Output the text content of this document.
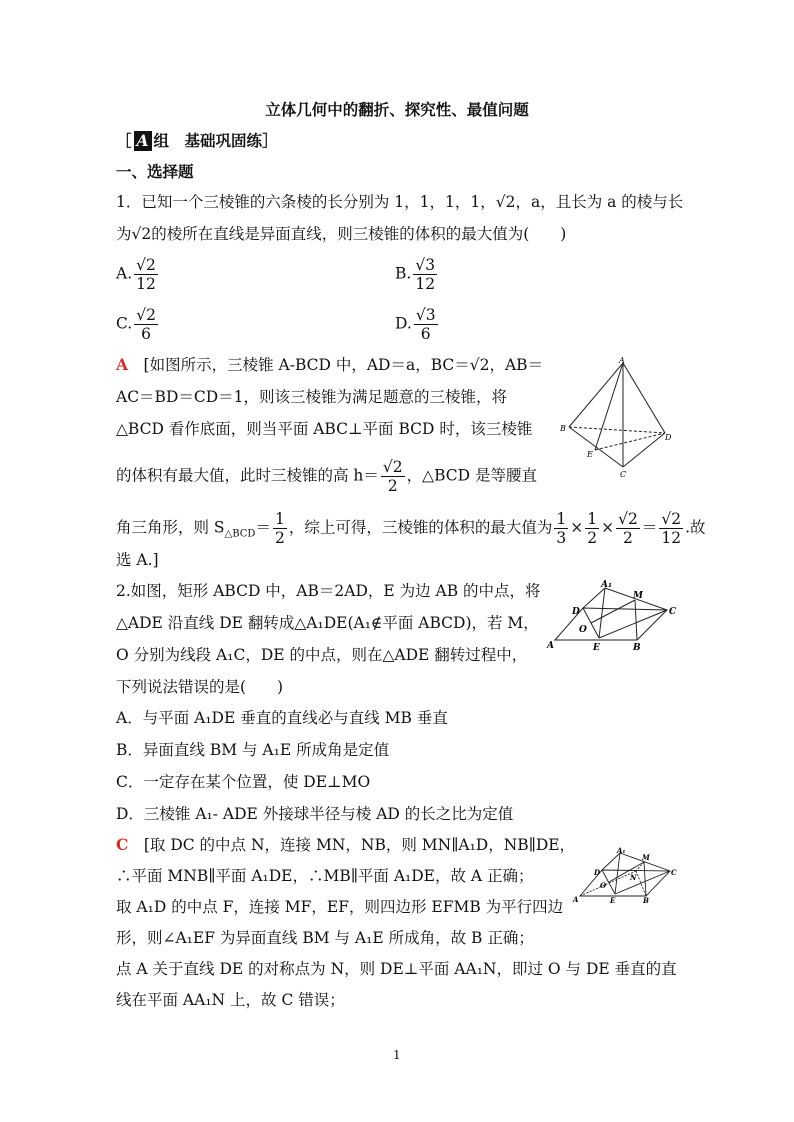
立体几何中的翻折、探究性、最值问题
［ A 组　基础巩固练］
一、选择题
1．已知一个三棱锥的六条棱的长分别为 1，1，1，1，√2，a，且长为 a 的棱与长
为√2的棱所在直线是异面直线，则三棱锥的体积的最大值为(　　)
A. $\frac{√2}{12}$	B. $\frac{√3}{12}$
C. $\frac{√2}{6}$	D. $\frac{√3}{6}$
A　 [如图所示，三棱锥 A-BCD 中，AD＝a，BC＝√2，AB＝
AC＝BD＝CD＝1，则该三棱锥为满足题意的三棱锥，将
△BCD 看作底面，则当平面 ABC⊥平面 BCD 时，该三棱锥
的体积有最大值，此时三棱锥的高 $h= \frac{√2}{2}$ ，△BCD 是等腰直
角三角形，则 $S_{\triangle BCD}= \frac{1}{2}$ ，综上可得，三棱锥的体积的最大值为 $\frac{1}{3} \times \frac{1}{2} \times \frac{√2}{2} = \frac{√2}{12}$ .故
选 A.]
A
B
D
E
C
2.如图，矩形 ABCD 中，AB＝2AD，E 为边 AB 的中点，将
△ADE 沿直线 DE 翻转成△A₁DE(A₁∉平面 ABCD)，若 M，
O 分别为线段 A₁C，DE 的中点，则在△ADE 翻转过程中，
下列说法错误的是(　　)
A₁
M
D
O
C
A	E	B
A．与平面 A₁DE 垂直的直线必与直线 MB 垂直
B．异面直线 BM 与 A₁E 所成角是定值
C．一定存在某个位置，使 DE⊥MO
D．三棱锥 A₁- ADE 外接球半径与棱 AD 的长之比为定值
C　 [取 DC 的中点 N，连接 MN，NB，则 MN∥A₁D，NB∥DE，
∴平面 MNB∥平面 A₁DE，∴MB∥平面 A₁DE，故 A 正确；
取 A₁D 的中点 F，连接 MF，EF，则四边形 EFMB 为平行四边
形，则∠A₁EF 为异面直线 BM 与 A₁E 所成角，故 B 正确；
点 A 关于直线 DE 的对称点为 N，则 DE⊥平面 AA₁N，即过 O 与 DE 垂直的直
线在平面 AA₁N 上，故 C 错误；
A₁
M
D
O
N
C
A	E	B
1
